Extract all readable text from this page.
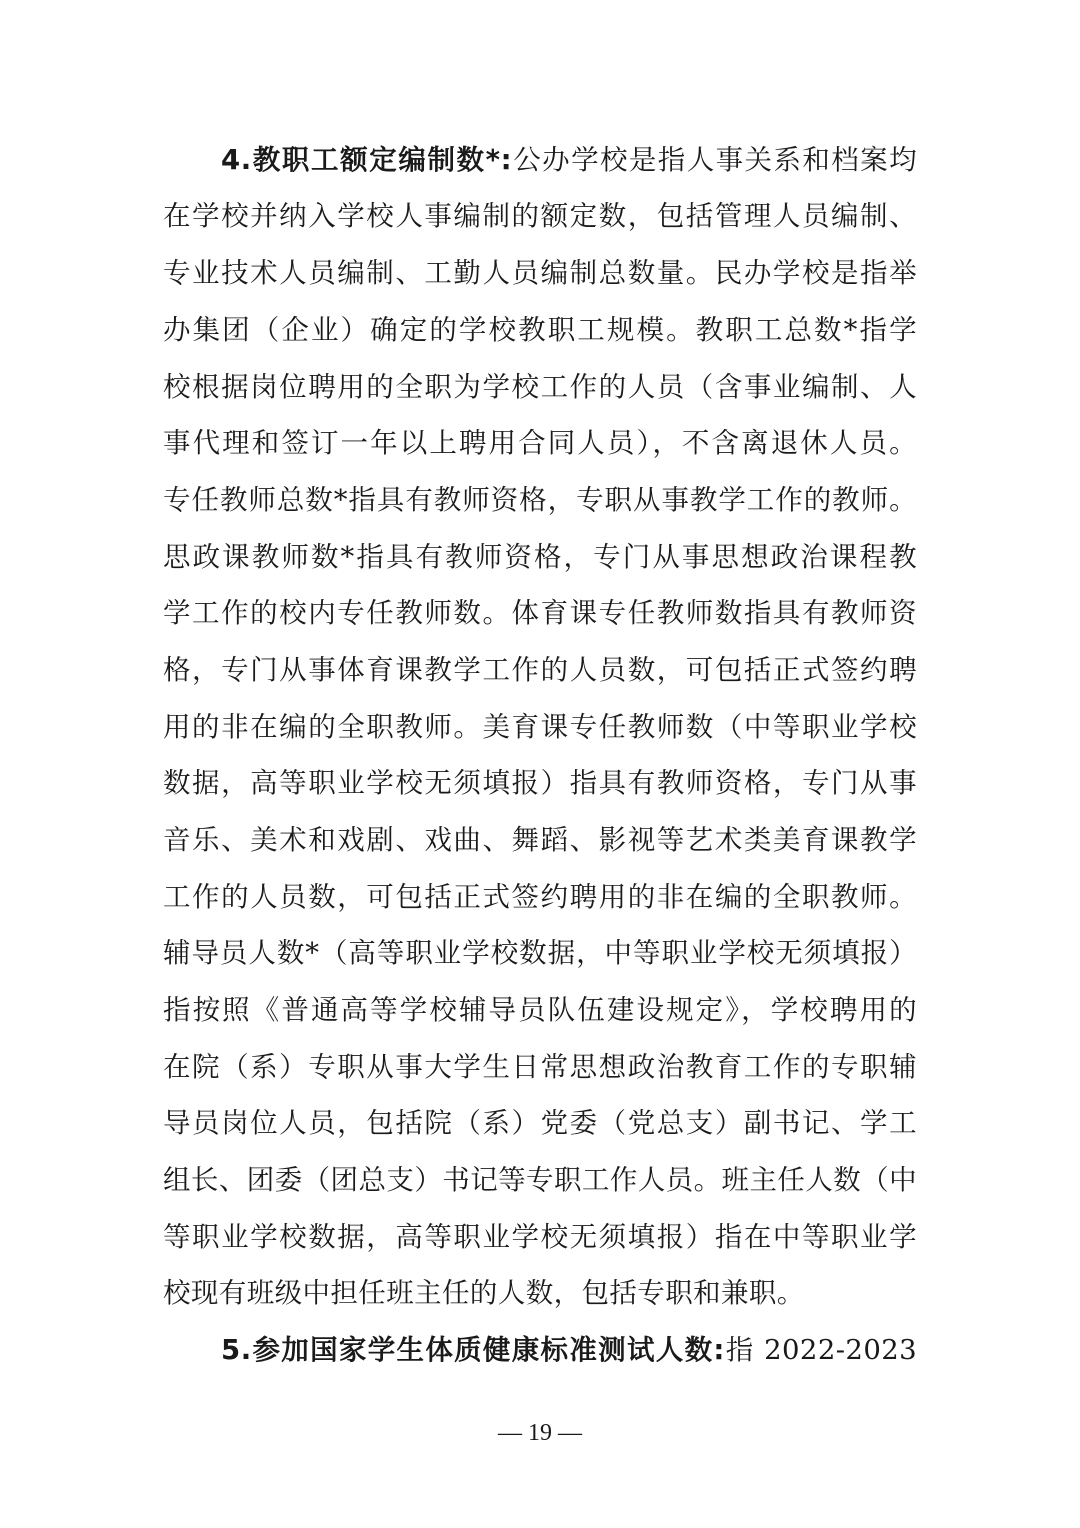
4.教职工额定编制数*:公办学校是指人事关系和档案均
在学校并纳入学校人事编制的额定数，包括管理人员编制、
专业技术人员编制、工勤人员编制总数量。民办学校是指举
办集团（企业）确定的学校教职工规模。教职工总数*指学
校根据岗位聘用的全职为学校工作的人员（含事业编制、人
事代理和签订一年以上聘用合同人员），不含离退休人员。
专任教师总数*指具有教师资格，专职从事教学工作的教师。
思政课教师数*指具有教师资格，专门从事思想政治课程教
学工作的校内专任教师数。体育课专任教师数指具有教师资
格，专门从事体育课教学工作的人员数，可包括正式签约聘
用的非在编的全职教师。美育课专任教师数（中等职业学校
数据，高等职业学校无须填报）指具有教师资格，专门从事
音乐、美术和戏剧、戏曲、舞蹈、影视等艺术类美育课教学
工作的人员数，可包括正式签约聘用的非在编的全职教师。
辅导员人数*（高等职业学校数据，中等职业学校无须填报）
指按照《普通高等学校辅导员队伍建设规定》，学校聘用的
在院（系）专职从事大学生日常思想政治教育工作的专职辅
导员岗位人员，包括院（系）党委（党总支）副书记、学工
组长、团委（团总支）书记等专职工作人员。班主任人数（中
等职业学校数据，高等职业学校无须填报）指在中等职业学
校现有班级中担任班主任的人数，包括专职和兼职。
5.参加国家学生体质健康标准测试人数:指 2022-2023
— 19 —
